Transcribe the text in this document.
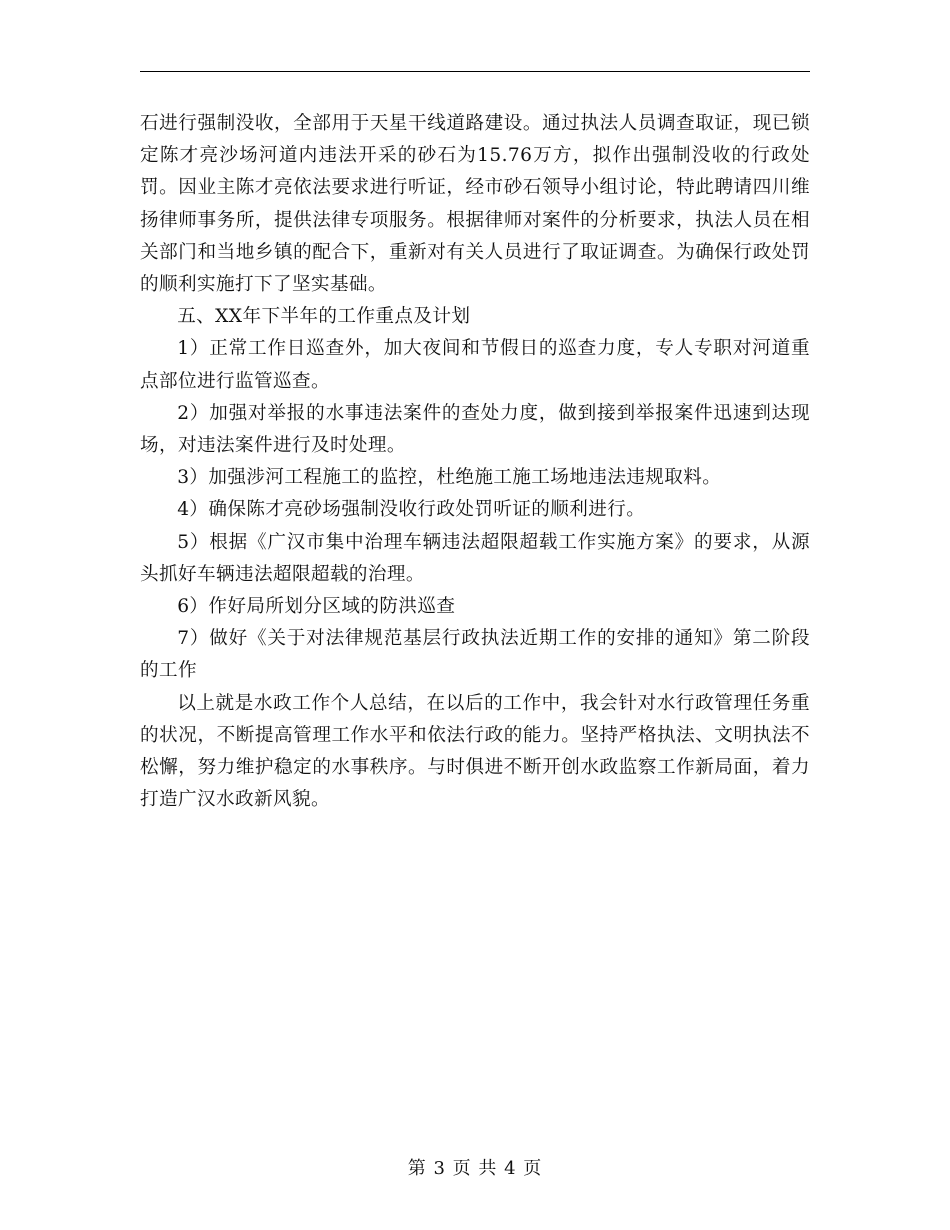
石进行强制没收，全部用于天星干线道路建设。通过执法人员调查取证，现已锁定陈才亮沙场河道内违法开采的砂石为15.76万方，拟作出强制没收的行政处罚。因业主陈才亮依法要求进行听证，经市砂石领导小组讨论，特此聘请四川维扬律师事务所，提供法律专项服务。根据律师对案件的分析要求，执法人员在相关部门和当地乡镇的配合下，重新对有关人员进行了取证调查。为确保行政处罚的顺利实施打下了坚实基础。

五、XX年下半年的工作重点及计划

1）正常工作日巡查外，加大夜间和节假日的巡查力度，专人专职对河道重点部位进行监管巡查。

2）加强对举报的水事违法案件的查处力度，做到接到举报案件迅速到达现场，对违法案件进行及时处理。

3）加强涉河工程施工的监控，杜绝施工施工场地违法违规取料。

4）确保陈才亮砂场强制没收行政处罚听证的顺利进行。

5）根据《广汉市集中治理车辆违法超限超载工作实施方案》的要求，从源头抓好车辆违法超限超载的治理。

6）作好局所划分区域的防洪巡查

7）做好《关于对法律规范基层行政执法近期工作的安排的通知》第二阶段的工作

以上就是水政工作个人总结，在以后的工作中，我会针对水行政管理任务重的状况，不断提高管理工作水平和依法行政的能力。坚持严格执法、文明执法不松懈，努力维护稳定的水事秩序。与时俱进不断开创水政监察工作新局面，着力打造广汉水政新风貌。

第 3 页 共 4 页
